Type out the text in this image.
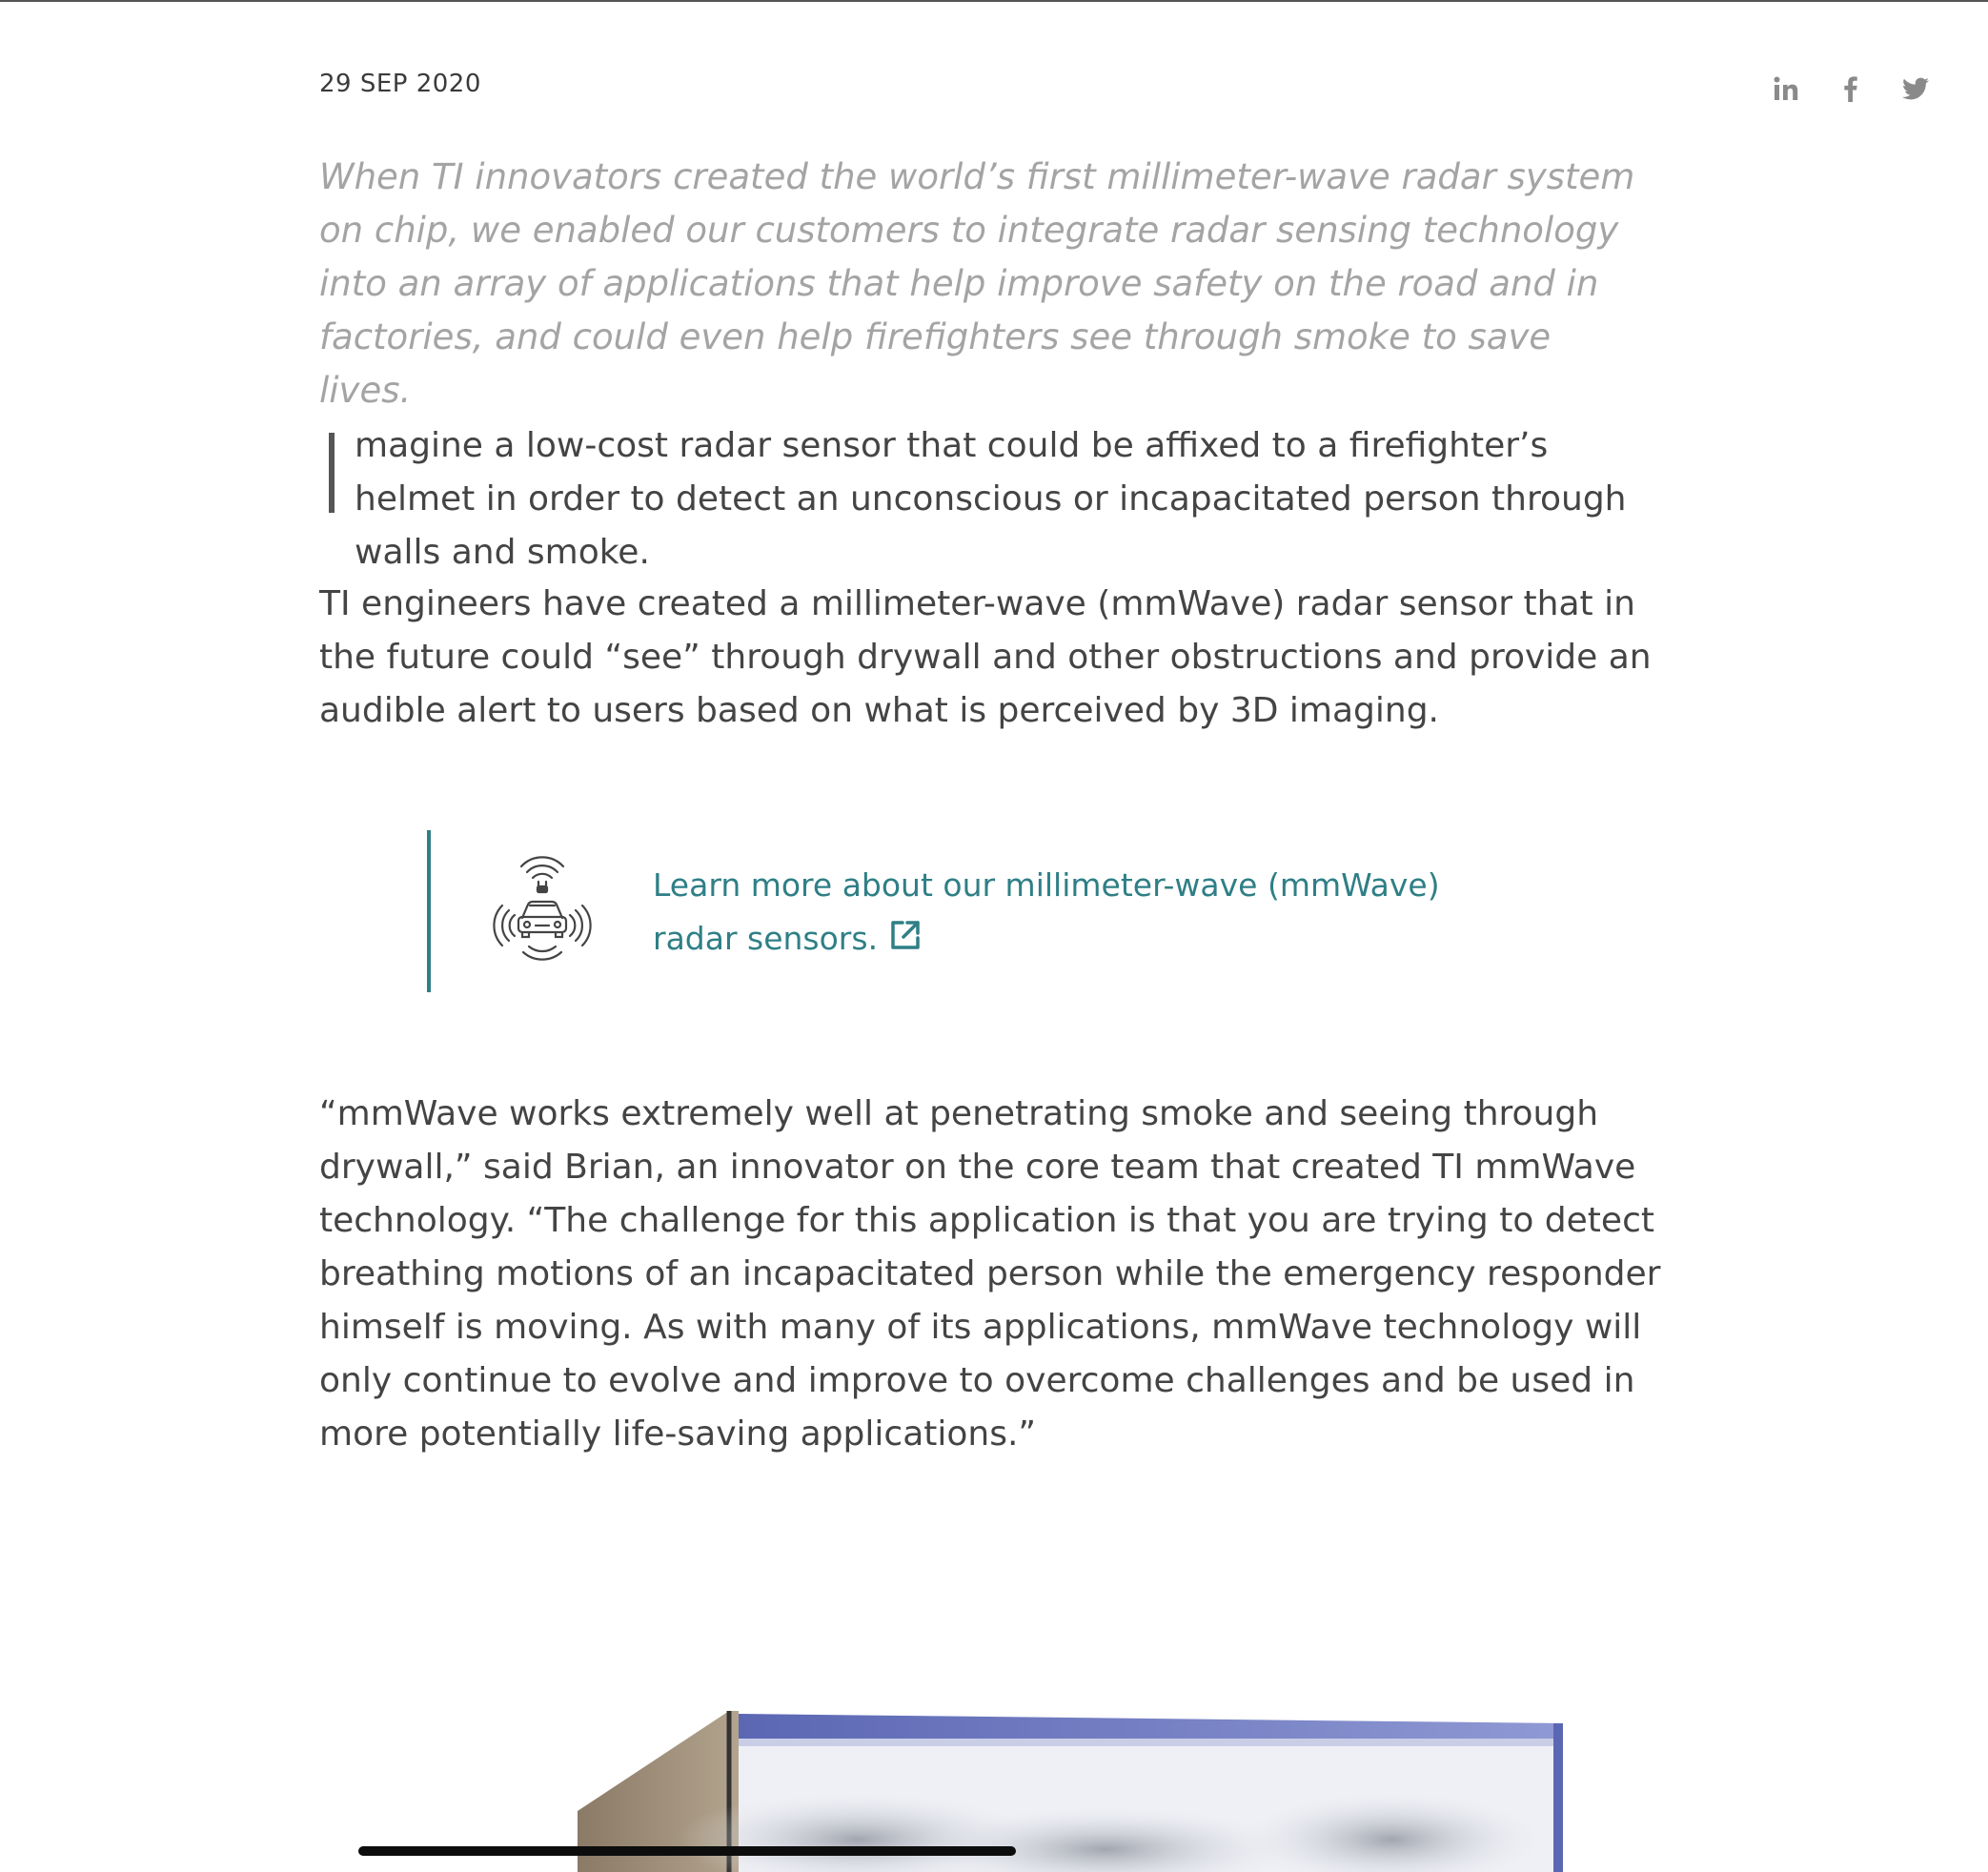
29 SEP 2020

When TI innovators created the world’s first millimeter-wave radar system on chip, we enabled our customers to integrate radar sensing technology into an array of applications that help improve safety on the road and in factories, and could even help firefighters see through smoke to save lives.

magine a low-cost radar sensor that could be affixed to a firefighter’s helmet in order to detect an unconscious or incapacitated person through walls and smoke.

TI engineers have created a millimeter-wave (mmWave) radar sensor that in the future could “see” through drywall and other obstructions and provide an audible alert to users based on what is perceived by 3D imaging.

Learn more about our millimeter-wave (mmWave) radar sensors.

“mmWave works extremely well at penetrating smoke and seeing through drywall,” said Brian, an innovator on the core team that created TI mmWave technology. “The challenge for this application is that you are trying to detect breathing motions of an incapacitated person while the emergency responder himself is moving. As with many of its applications, mmWave technology will only continue to evolve and improve to overcome challenges and be used in more potentially life-saving applications.”
